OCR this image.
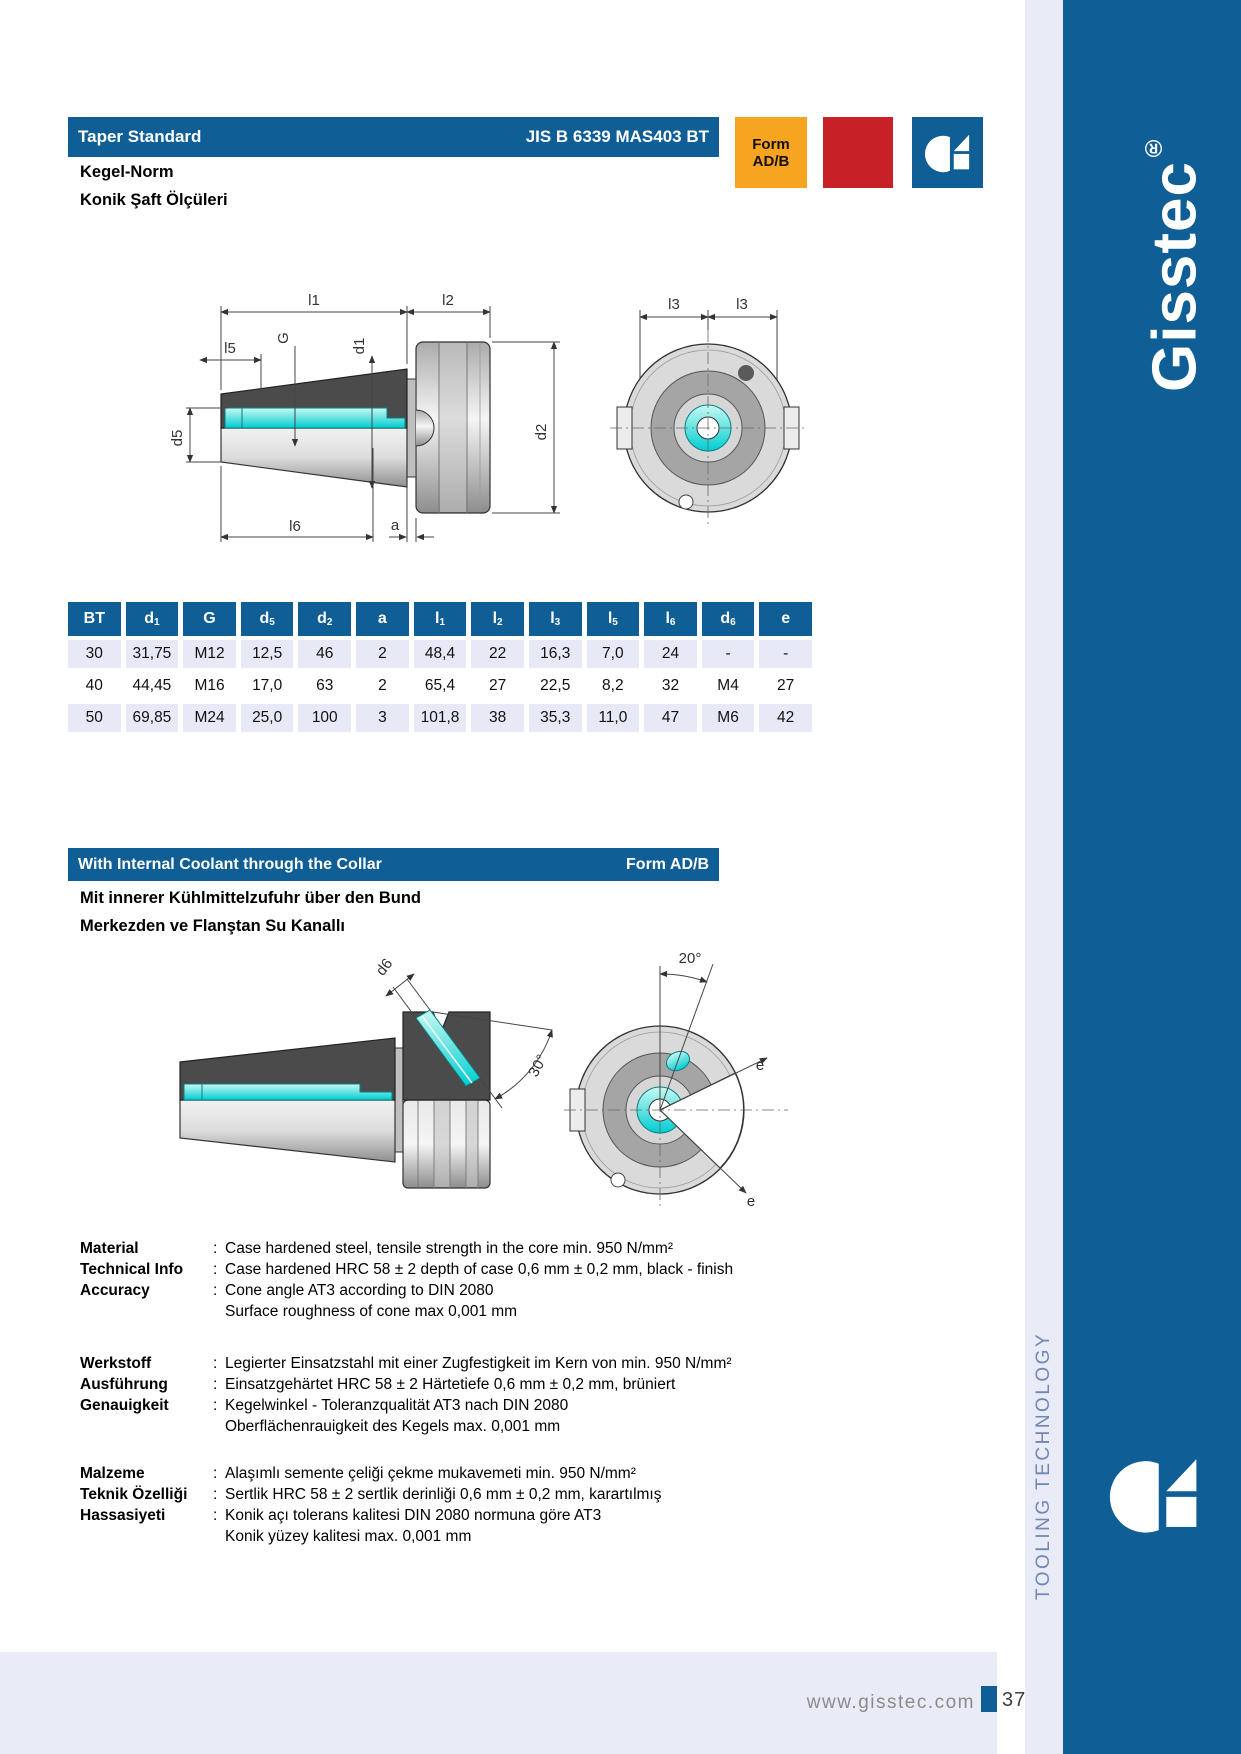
Taper Standard	JIS B 6339 MAS403 BT
Kegel-Norm
Konik Şaft Ölçüleri
Form AD/B
l1	l2
l5
G	d1
d5	d2
l6	a
l3	l3
BT d 1	G	d 5	d 2	a	l 1	l 2	l 3	l 5	l 6	d 6	e
30	31,75	M12	12,5	46	2	48,4	22	16,3	7,0	24	-	-
40	44,45	M16	17,0	63	2	65,4	27	22,5	8,2	32	M4	27
50	69,85	M24	25,0	100	3	101,8	38	35,3	11,0	47	M6	42
With Internal Coolant through the Collar	Form AD/B
Mit innerer Kühlmittelzufuhr über den Bund
Merkezden ve Flanştan Su Kanallı
d6
30°
20°
e
e
Material	: Case hardened steel, tensile strength in the core min. 950 N/mm²
Technical Info	: Case hardened HRC 58 ± 2 depth of case 0,6 mm ± 0,2 mm, black - finish
Accuracy	: Cone angle AT3 according to DIN 2080
Surface roughness of cone max 0,001 mm
Werkstoff	: Legierter Einsatzstahl mit einer Zugfestigkeit im Kern von min. 950 N/mm²
Ausführung	: Einsatzgehärtet HRC 58 ± 2 Härtetiefe 0,6 mm ± 0,2 mm, brüniert
Genauigkeit	: Kegelwinkel - Toleranzqualität AT3 nach DIN 2080
Oberflächenrauigkeit des Kegels max. 0,001 mm
Malzeme	: Alaşımlı semente çeliği çekme mukavemeti min. 950 N/mm²
Teknik Özelliği	: Sertlik HRC 58 ± 2 sertlik derinliği 0,6 mm ± 0,2 mm, karartılmış
Hassasiyeti	: Konik açı tolerans kalitesi DIN 2080 normuna göre AT3
Konik yüzey kalitesi max. 0,001 mm
Gisstec®
TOOLING TECHNOLOGY
www.gisstec.com 37
